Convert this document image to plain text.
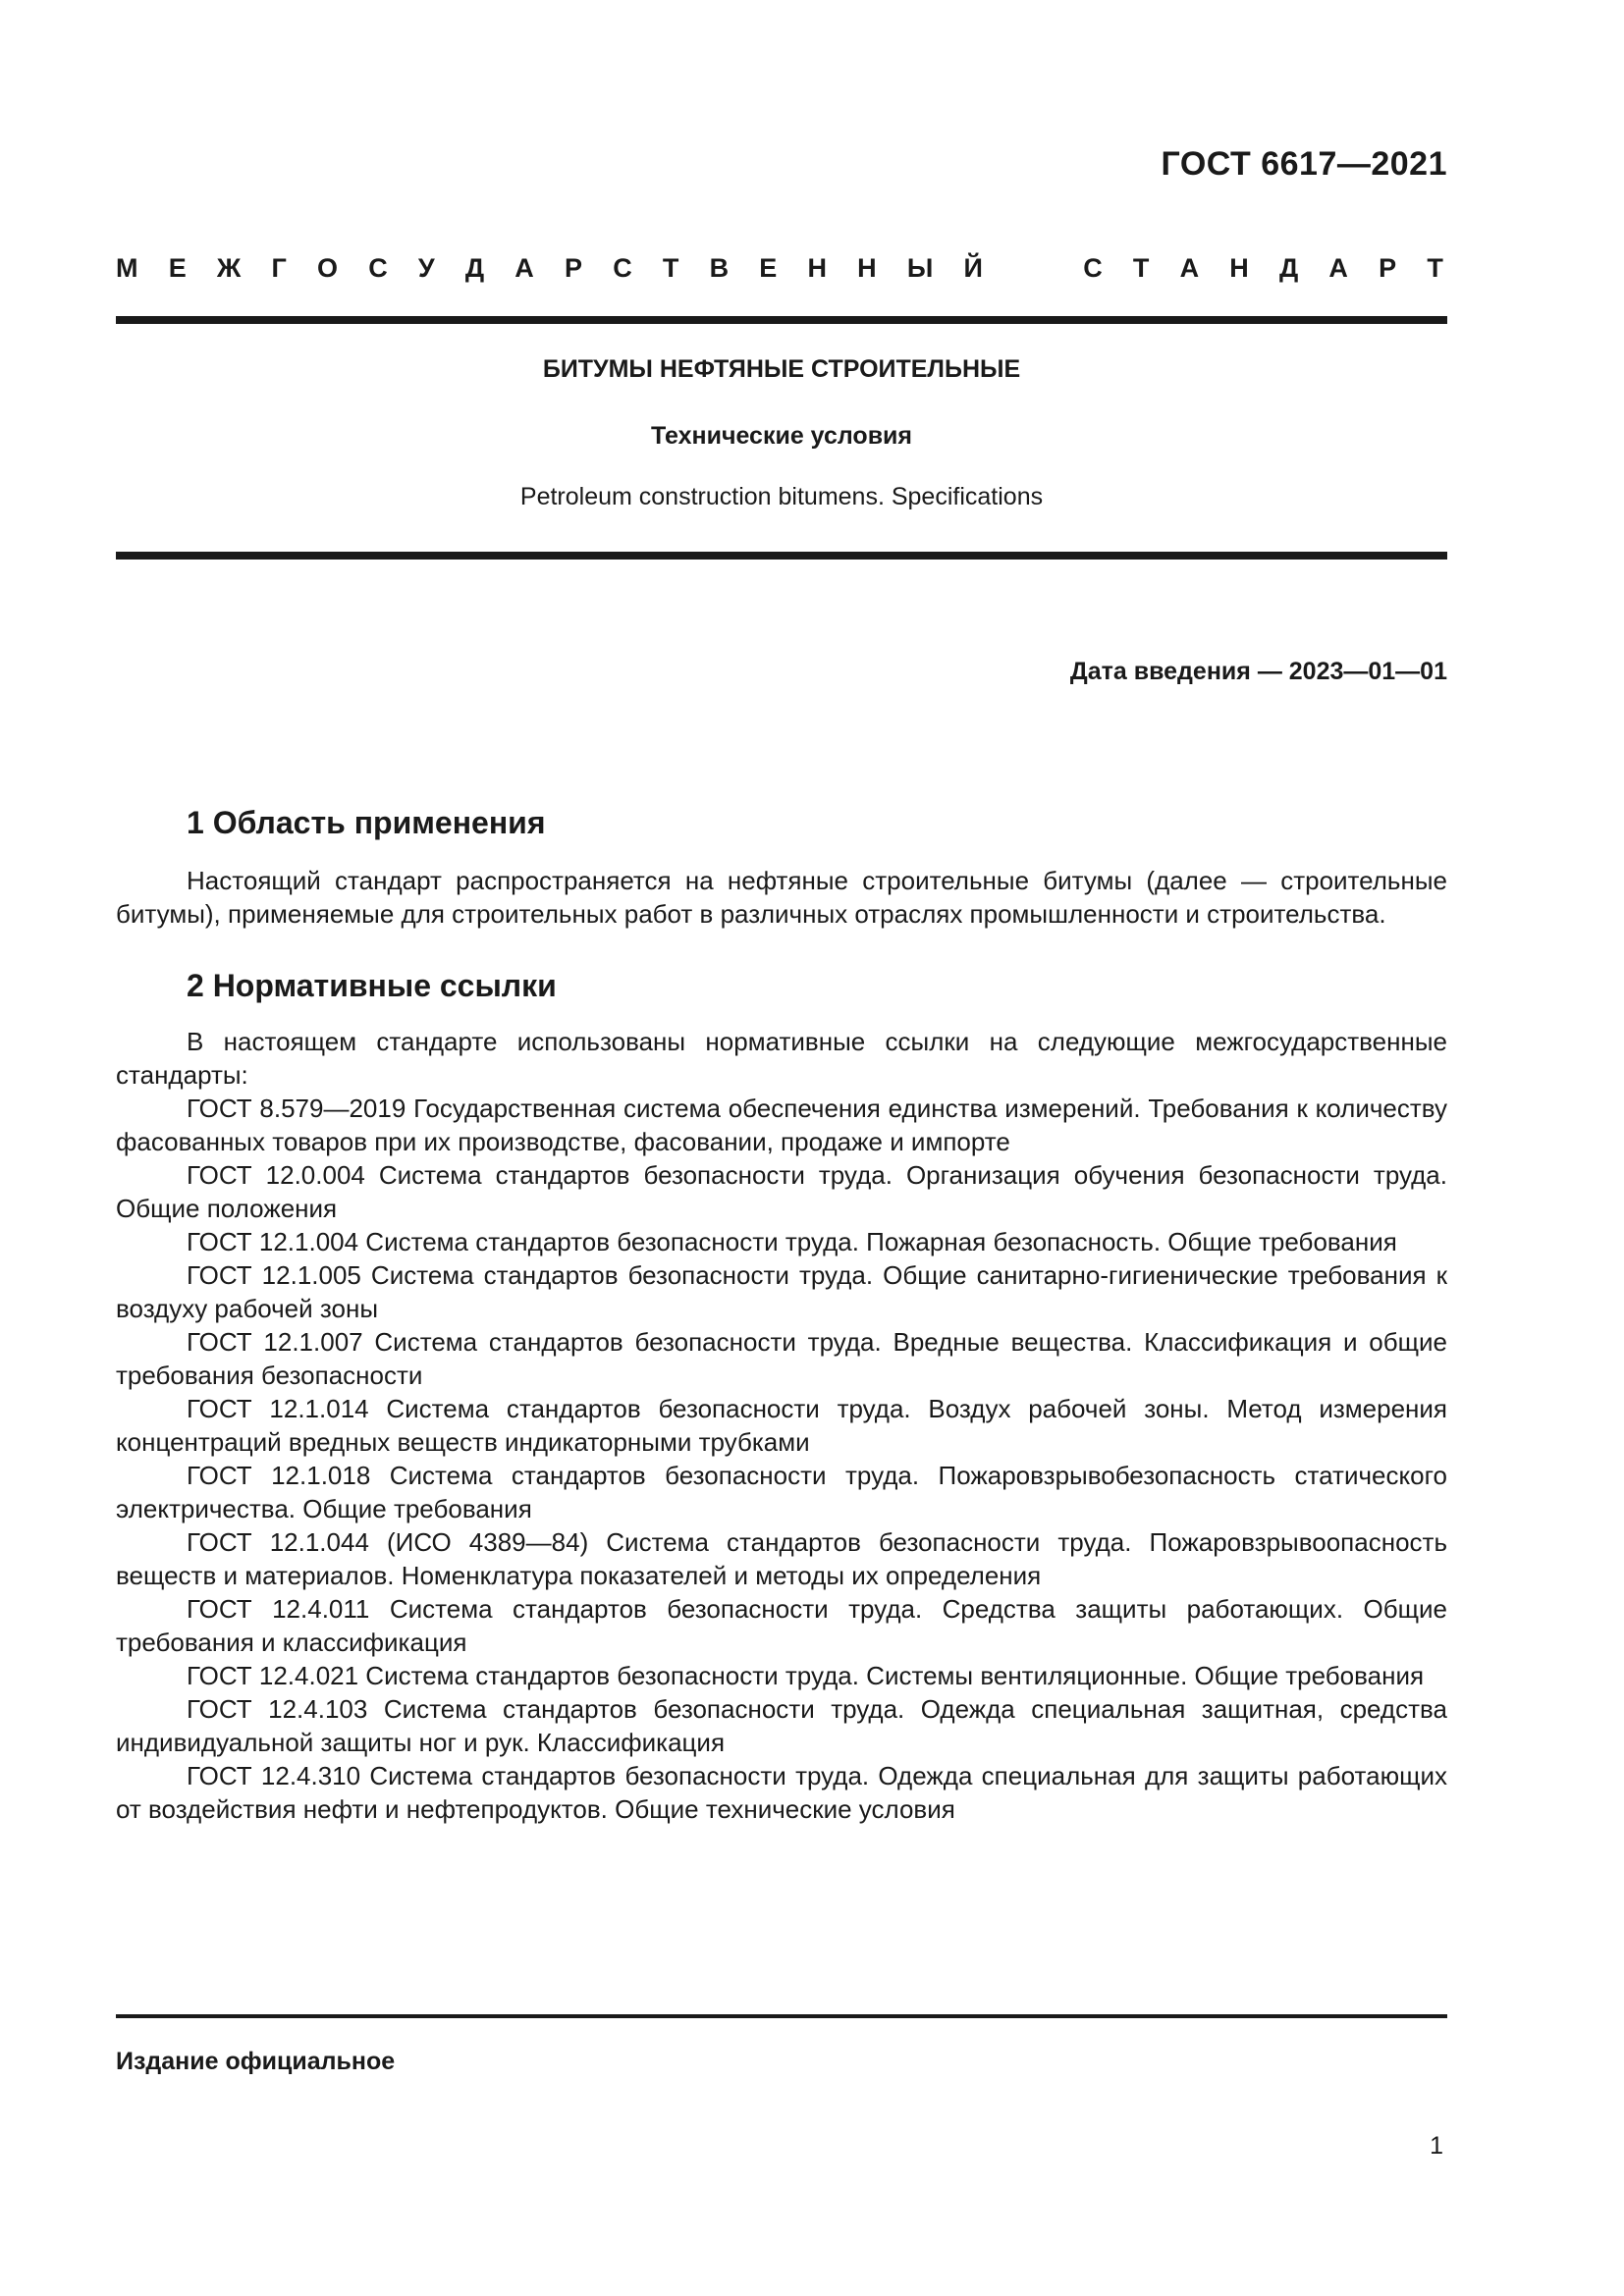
ГОСТ 6617—2021
М Е Ж Г О С У Д А Р С Т В Е Н Н Ы Й	С Т А Н Д А Р Т
БИТУМЫ НЕФТЯНЫЕ СТРОИТЕЛЬНЫЕ
Технические условия
Petroleum construction bitumens. Specifications
Дата введения — 2023—01—01
1 Область применения

Настоящий стандарт распространяется на нефтяные строительные битумы (далее — строительные битумы), применяемые для строительных работ в различных отраслях промышленности и строительства.

2 Нормативные ссылки

В настоящем стандарте использованы нормативные ссылки на следующие межгосударственные стандарты:

ГОСТ 8.579—2019 Государственная система обеспечения единства измерений. Требования к количеству фасованных товаров при их производстве, фасовании, продаже и импорте

ГОСТ 12.0.004 Система стандартов безопасности труда. Организация обучения безопасности труда. Общие положения

ГОСТ 12.1.004 Система стандартов безопасности труда. Пожарная безопасность. Общие требования

ГОСТ 12.1.005 Система стандартов безопасности труда. Общие санитарно-гигиенические требования к воздуху рабочей зоны

ГОСТ 12.1.007 Система стандартов безопасности труда. Вредные вещества. Классификация и общие требования безопасности

ГОСТ 12.1.014 Система стандартов безопасности труда. Воздух рабочей зоны. Метод измерения концентраций вредных веществ индикаторными трубками

ГОСТ 12.1.018 Система стандартов безопасности труда. Пожаровзрывобезопасность статического электричества. Общие требования

ГОСТ 12.1.044 (ИСО 4389—84) Система стандартов безопасности труда. Пожаровзрывоопасность веществ и материалов. Номенклатура показателей и методы их определения

ГОСТ 12.4.011 Система стандартов безопасности труда. Средства защиты работающих. Общие требования и классификация

ГОСТ 12.4.021 Система стандартов безопасности труда. Системы вентиляционные. Общие требования

ГОСТ 12.4.103 Система стандартов безопасности труда. Одежда специальная защитная, средства индивидуальной защиты ног и рук. Классификация

ГОСТ 12.4.310 Система стандартов безопасности труда. Одежда специальная для защиты работающих от воздействия нефти и нефтепродуктов. Общие технические условия

Издание официальное
1
